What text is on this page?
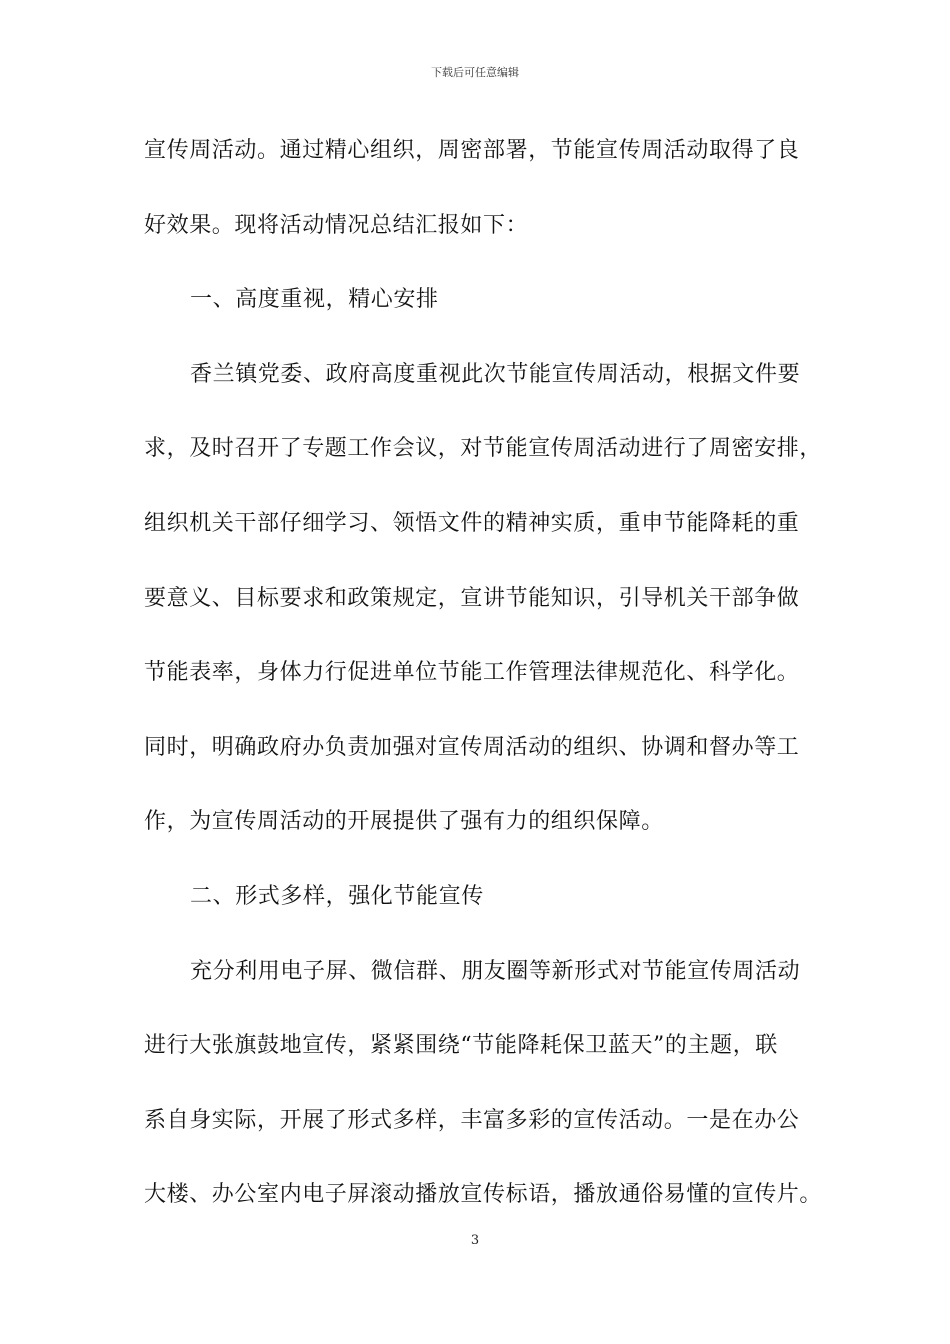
下载后可任意编辑
宣传周活动。通过精心组织，周密部署，节能宣传周活动取得了良
好效果。现将活动情况总结汇报如下：
一、高度重视，精心安排
香兰镇党委、政府高度重视此次节能宣传周活动，根据文件要
求，及时召开了专题工作会议，对节能宣传周活动进行了周密安排，
组织机关干部仔细学习、领悟文件的精神实质，重申节能降耗的重
要意义、目标要求和政策规定，宣讲节能知识，引导机关干部争做
节能表率，身体力行促进单位节能工作管理法律规范化、科学化。
同时，明确政府办负责加强对宣传周活动的组织、协调和督办等工
作，为宣传周活动的开展提供了强有力的组织保障。
二、形式多样，强化节能宣传
充分利用电子屏、微信群、朋友圈等新形式对节能宣传周活动
进行大张旗鼓地宣传，紧紧围绕“节能降耗保卫蓝天”的主题，联
系自身实际，开展了形式多样，丰富多彩的宣传活动。一是在办公
大楼、办公室内电子屏滚动播放宣传标语，播放通俗易懂的宣传片。
3
